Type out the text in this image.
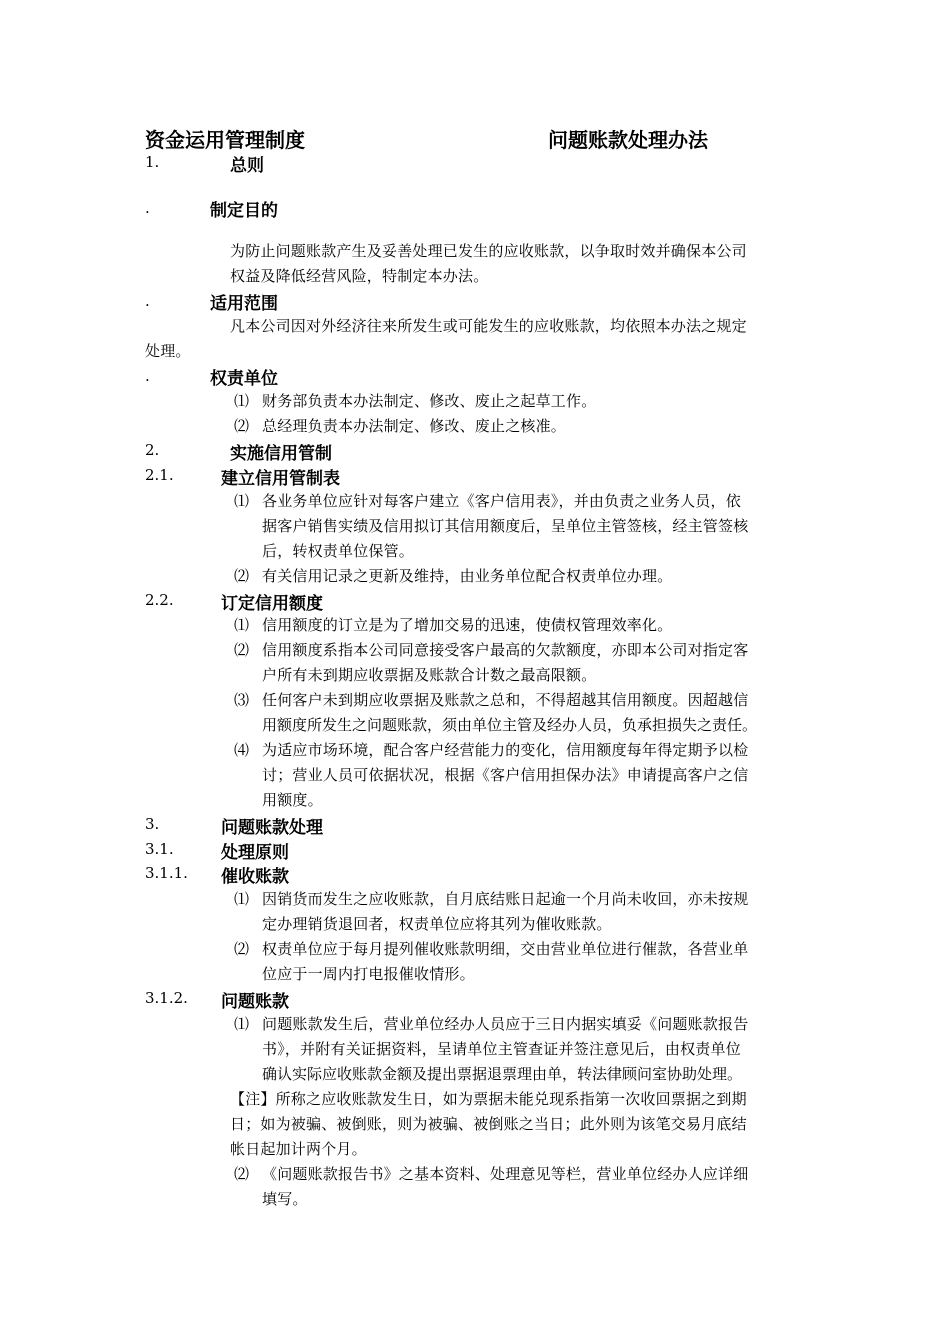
资金运用管理制度	问题账款处理办法
1.	总则
.	制定目的
为防止问题账款产生及妥善处理已发生的应收账款，以争取时效并确保本公司
权益及降低经营风险，特制定本办法。
.	适用范围
凡本公司因对外经济往来所发生或可能发生的应收账款，均依照本办法之规定
处理。
.	权责单位
⑴ 财务部负责本办法制定、修改、废止之起草工作。
⑵ 总经理负责本办法制定、修改、废止之核准。
2.	实施信用管制
2.1.	建立信用管制表
⑴ 各业务单位应针对每客户建立《客户信用表》，并由负责之业务人员，依
据客户销售实绩及信用拟订其信用额度后，呈单位主管签核，经主管签核
后，转权责单位保管。
⑵ 有关信用记录之更新及维持，由业务单位配合权责单位办理。
2.2.	订定信用额度
⑴ 信用额度的订立是为了增加交易的迅速，使债权管理效率化。
⑵ 信用额度系指本公司同意接受客户最高的欠款额度，亦即本公司对指定客
户所有未到期应收票据及账款合计数之最高限额。
⑶ 任何客户未到期应收票据及账款之总和，不得超越其信用额度。因超越信
用额度所发生之问题账款，须由单位主管及经办人员，负承担损失之责任。
⑷ 为适应市场环境，配合客户经营能力的变化，信用额度每年得定期予以检
讨；营业人员可依据状况，根据《客户信用担保办法》申请提高客户之信
用额度。
3.	问题账款处理
3.1.	处理原则
3.1.1. 催收账款
⑴ 因销货而发生之应收账款，自月底结账日起逾一个月尚未收回，亦未按规
定办理销货退回者，权责单位应将其列为催收账款。
⑵ 权责单位应于每月提列催收账款明细，交由营业单位进行催款，各营业单
位应于一周内打电报催收情形。
3.1.2. 问题账款
⑴ 问题账款发生后，营业单位经办人员应于三日内据实填妥《问题账款报告
书》，并附有关证据资料，呈请单位主管查证并签注意见后，由权责单位
确认实际应收账款金额及提出票据退票理由单，转法律顾问室协助处理。
【注】所称之应收账款发生日，如为票据未能兑现系指第一次收回票据之到期
日；如为被骗、被倒账，则为被骗、被倒账之当日；此外则为该笔交易月底结
帐日起加计两个月。
⑵ 《问题账款报告书》之基本资料、处理意见等栏，营业单位经办人应详细
填写。
